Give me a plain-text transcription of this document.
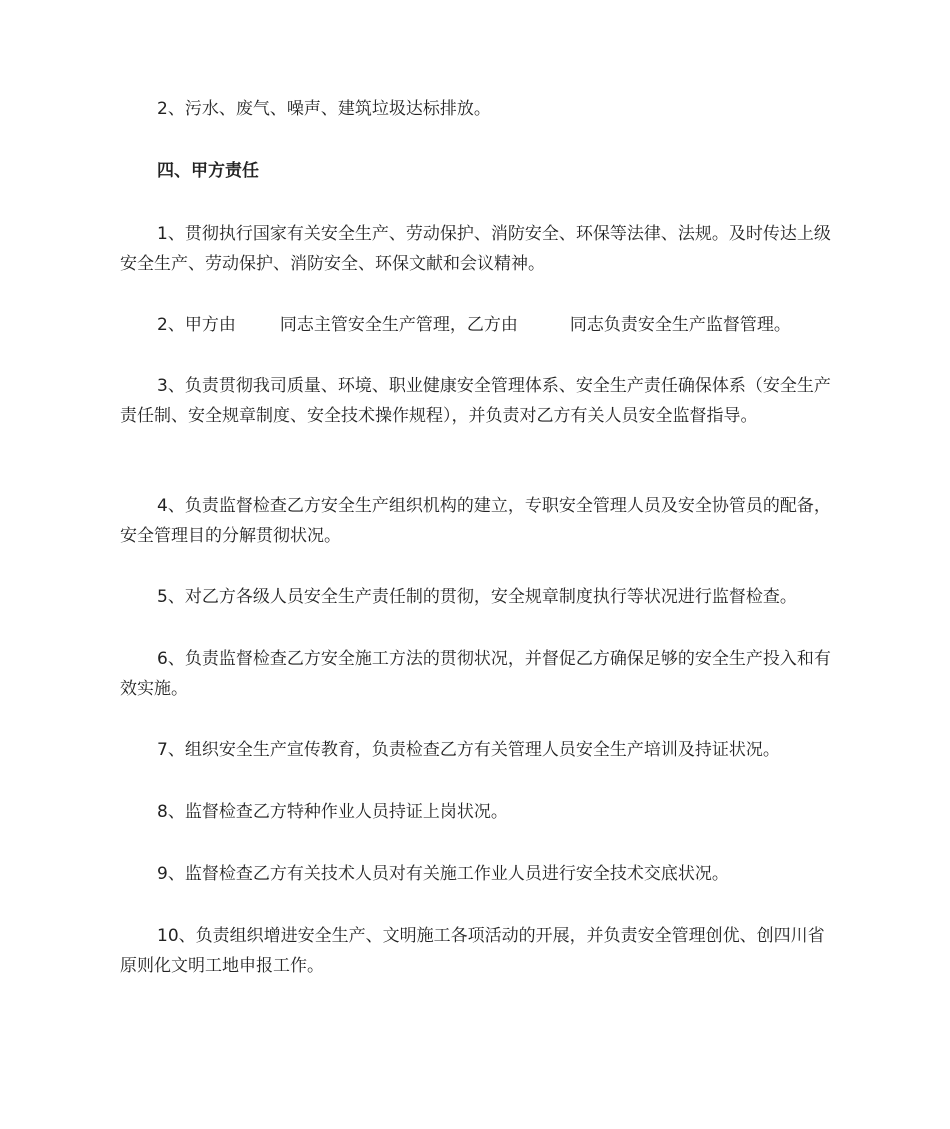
2、污水、废气、噪声、建筑垃圾达标排放。

四、甲方责任

1、贯彻执行国家有关安全生产、劳动保护、消防安全、环保等法律、法规。及时传达上级安全生产、劳动保护、消防安全、环保文献和会议精神。

2、甲方由	同志主管安全生产管理，乙方由	同志负责安全生产监督管理。

3、负责贯彻我司质量、环境、职业健康安全管理体系、安全生产责任确保体系（安全生产责任制、安全规章制度、安全技术操作规程），并负责对乙方有关人员安全监督指导。

4、负责监督检查乙方安全生产组织机构的建立，专职安全管理人员及安全协管员的配备，安全管理目的分解贯彻状况。

5、对乙方各级人员安全生产责任制的贯彻，安全规章制度执行等状况进行监督检查。

6、负责监督检查乙方安全施工方法的贯彻状况，并督促乙方确保足够的安全生产投入和有效实施。

7、组织安全生产宣传教育，负责检查乙方有关管理人员安全生产培训及持证状况。

8、监督检查乙方特种作业人员持证上岗状况。

9、监督检查乙方有关技术人员对有关施工作业人员进行安全技术交底状况。

10、负责组织增进安全生产、文明施工各项活动的开展，并负责安全管理创优、创四川省原则化文明工地申报工作。
